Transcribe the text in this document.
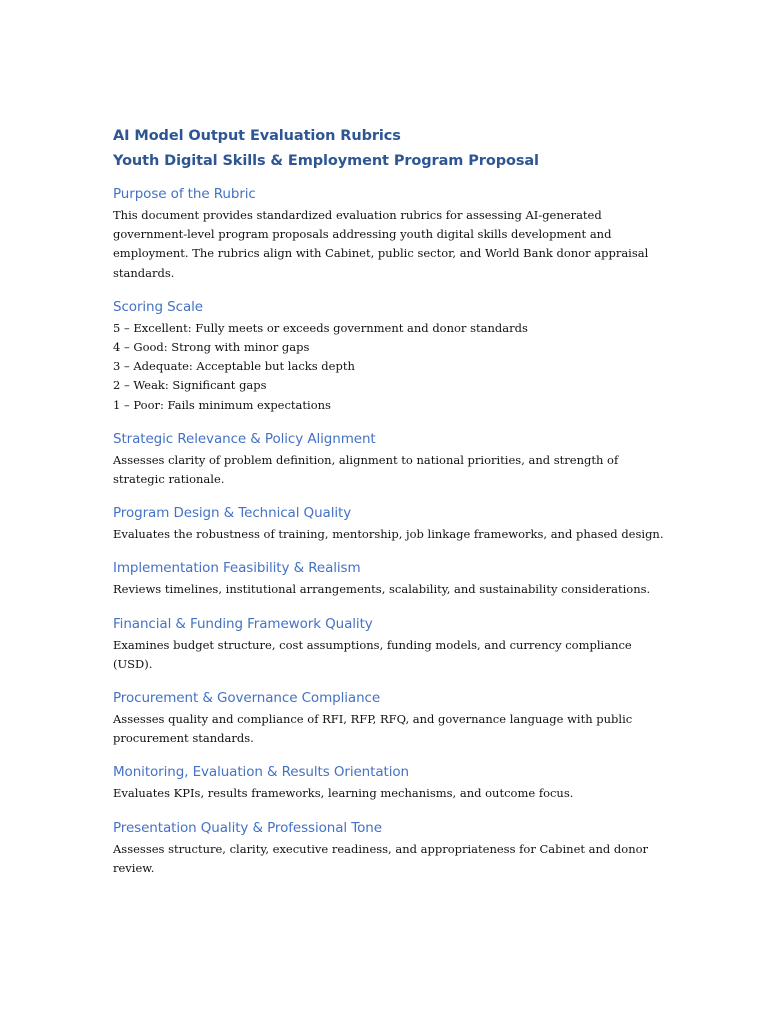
AI Model Output Evaluation Rubrics
Youth Digital Skills & Employment Program Proposal
Purpose of the Rubric

This document provides standardized evaluation rubrics for assessing AI-generated government-level program proposals addressing youth digital skills development and employment. The rubrics align with Cabinet, public sector, and World Bank donor appraisal standards.

Scoring Scale
5 – Excellent: Fully meets or exceeds government and donor standards
4 – Good: Strong with minor gaps
3 – Adequate: Acceptable but lacks depth
2 – Weak: Significant gaps
1 – Poor: Fails minimum expectations
Strategic Relevance & Policy Alignment

Assesses clarity of problem definition, alignment to national priorities, and strength of strategic rationale.

Program Design & Technical Quality

Evaluates the robustness of training, mentorship, job linkage frameworks, and phased design.

Implementation Feasibility & Realism

Reviews timelines, institutional arrangements, scalability, and sustainability considerations.

Financial & Funding Framework Quality

Examines budget structure, cost assumptions, funding models, and currency compliance (USD).

Procurement & Governance Compliance

Assesses quality and compliance of RFI, RFP, RFQ, and governance language with public procurement standards.

Monitoring, Evaluation & Results Orientation

Evaluates KPIs, results frameworks, learning mechanisms, and outcome focus.

Presentation Quality & Professional Tone

Assesses structure, clarity, executive readiness, and appropriateness for Cabinet and donor review.
